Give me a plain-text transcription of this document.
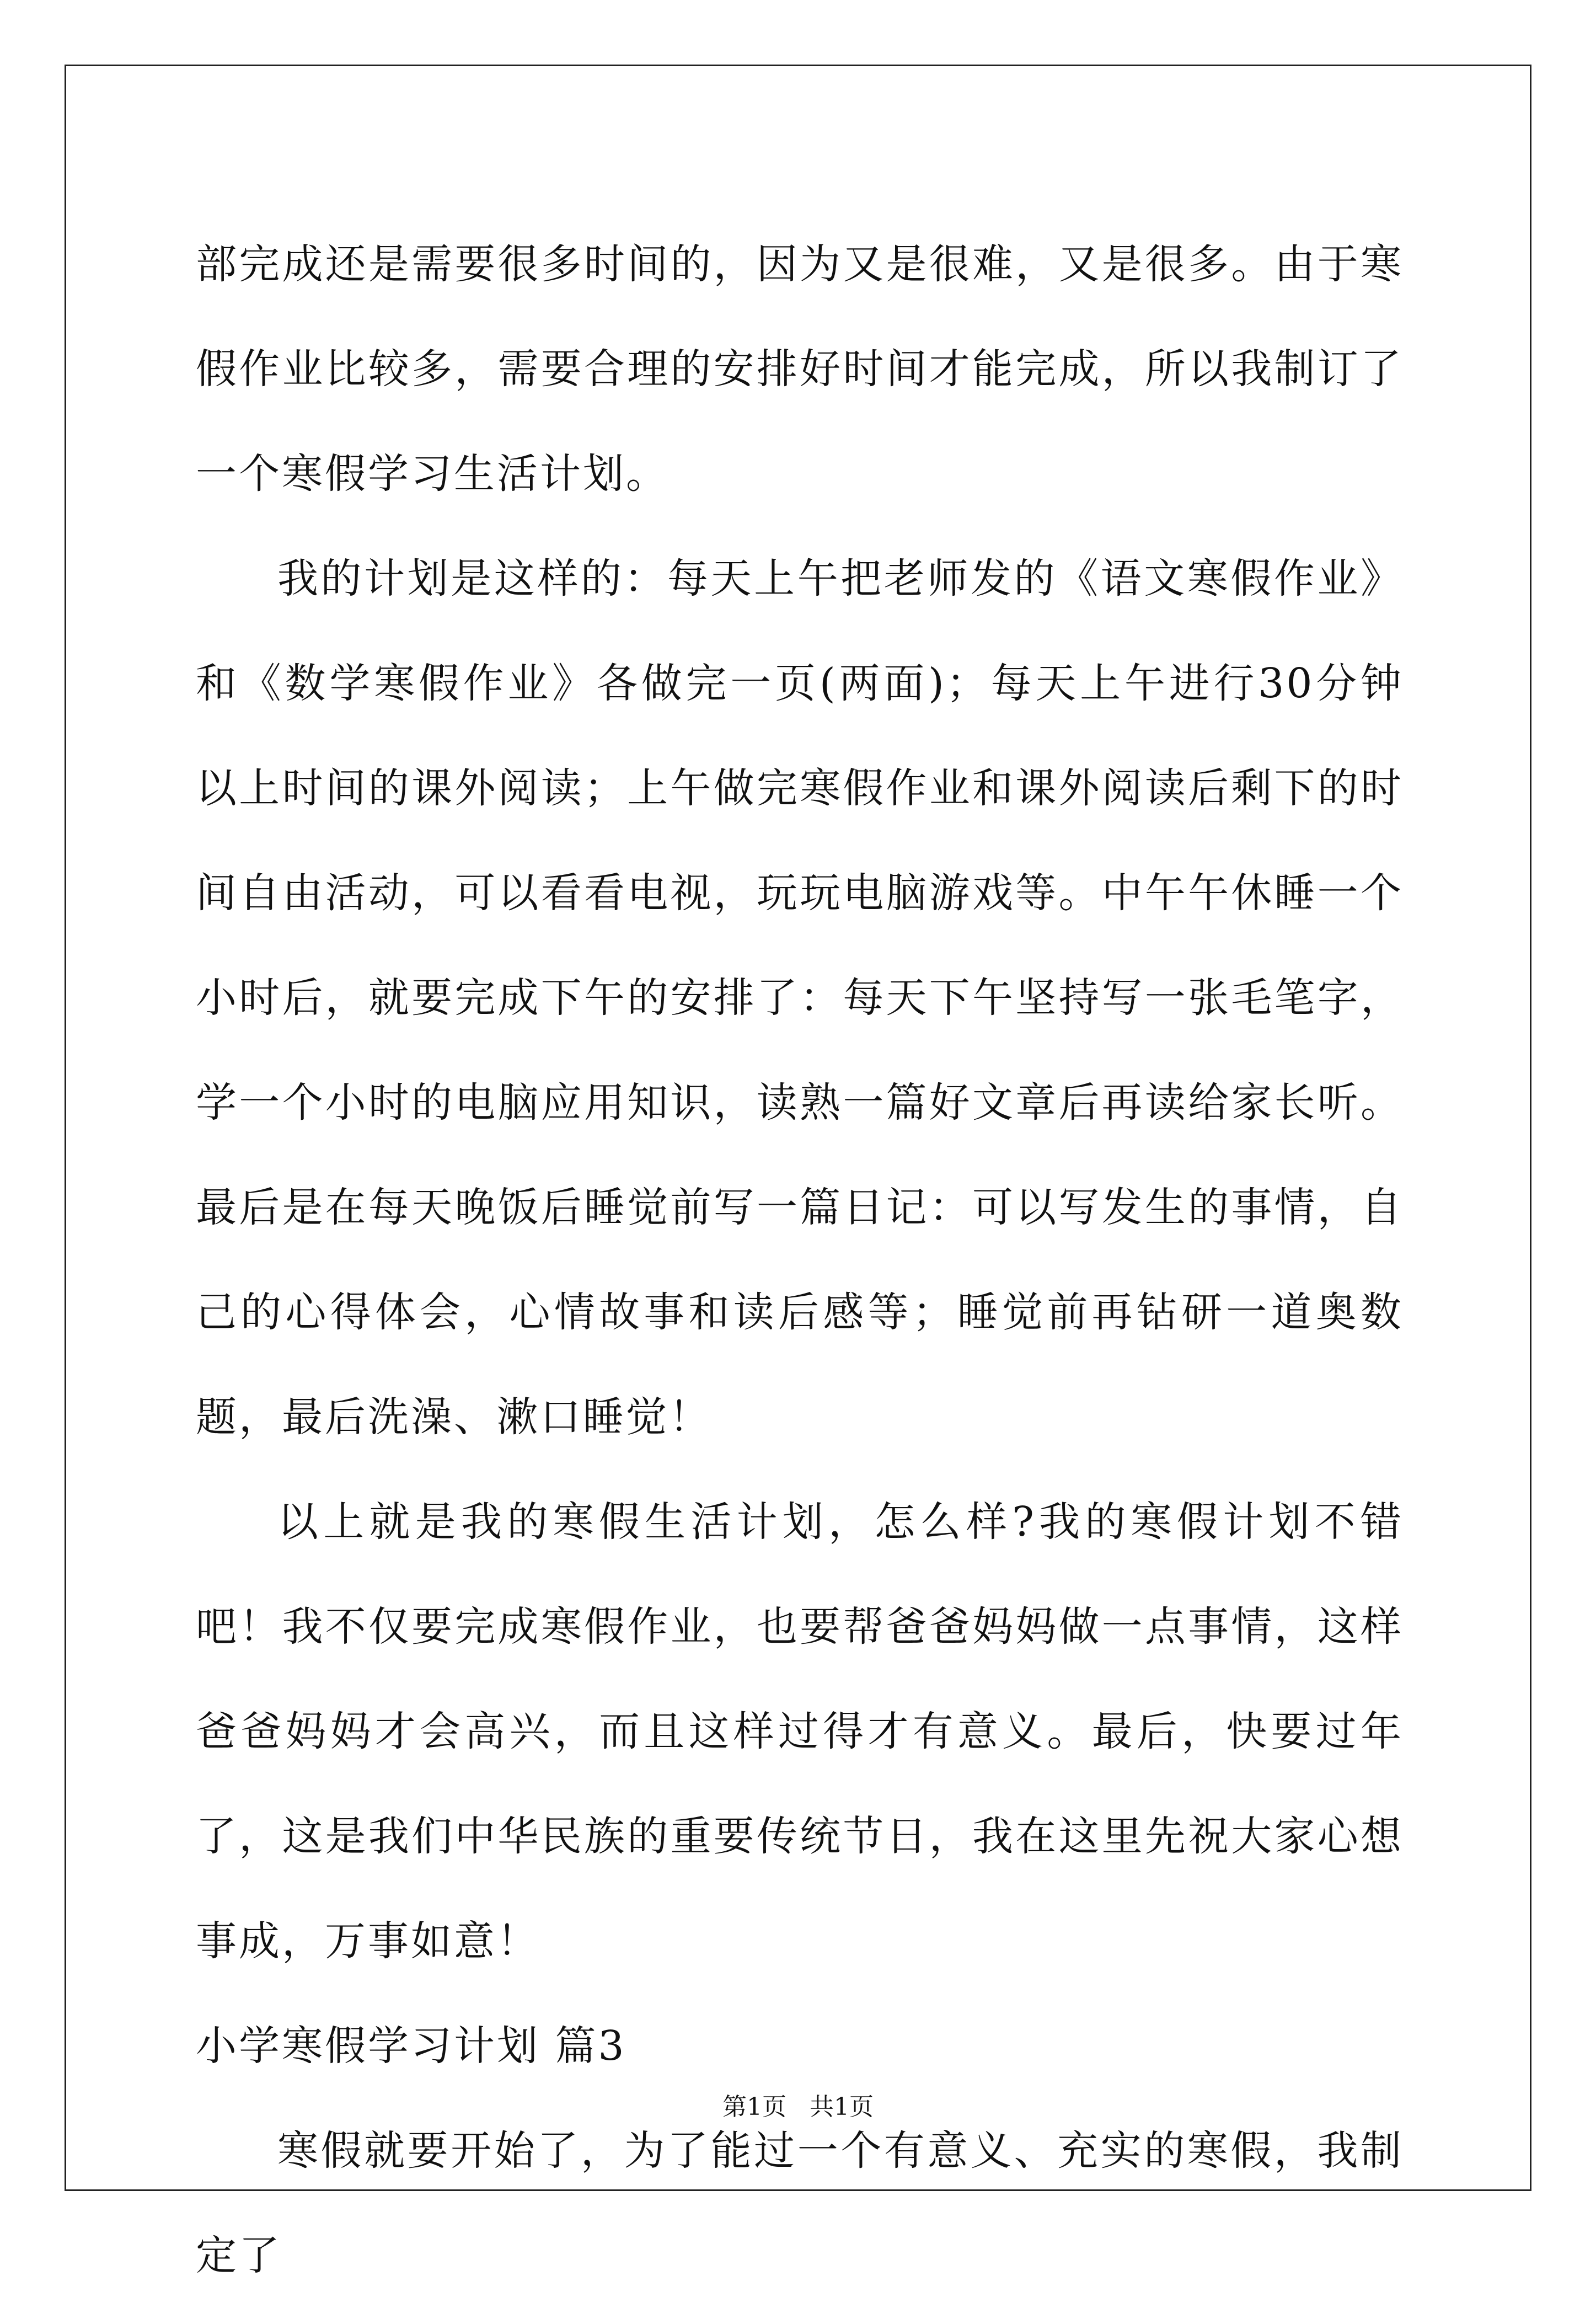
部完成还是需要很多时间的，因为又是很难，又是很多。由于寒假作业比较多，需要合理的安排好时间才能完成，所以我制订了一个寒假学习生活计划。

我的计划是这样的：每天上午把老师发的《语文寒假作业》和《数学寒假作业》各做完一页(两面)；每天上午进行30分钟以上时间的课外阅读；上午做完寒假作业和课外阅读后剩下的时间自由活动，可以看看电视，玩玩电脑游戏等。中午午休睡一个小时后，就要完成下午的安排了：每天下午坚持写一张毛笔字，学一个小时的电脑应用知识，读熟一篇好文章后再读给家长听。最后是在每天晚饭后睡觉前写一篇日记：可以写发生的事情，自己的心得体会，心情故事和读后感等；睡觉前再钻研一道奥数题，最后洗澡、漱口睡觉！

以上就是我的寒假生活计划，怎么样?我的寒假计划不错吧！我不仅要完成寒假作业，也要帮爸爸妈妈做一点事情，这样爸爸妈妈才会高兴，而且这样过得才有意义。最后，快要过年了，这是我们中华民族的重要传统节日，我在这里先祝大家心想事成，万事如意！

小学寒假学习计划 篇3

寒假就要开始了，为了能过一个有意义、充实的寒假，我制定了

第1页 共1页
